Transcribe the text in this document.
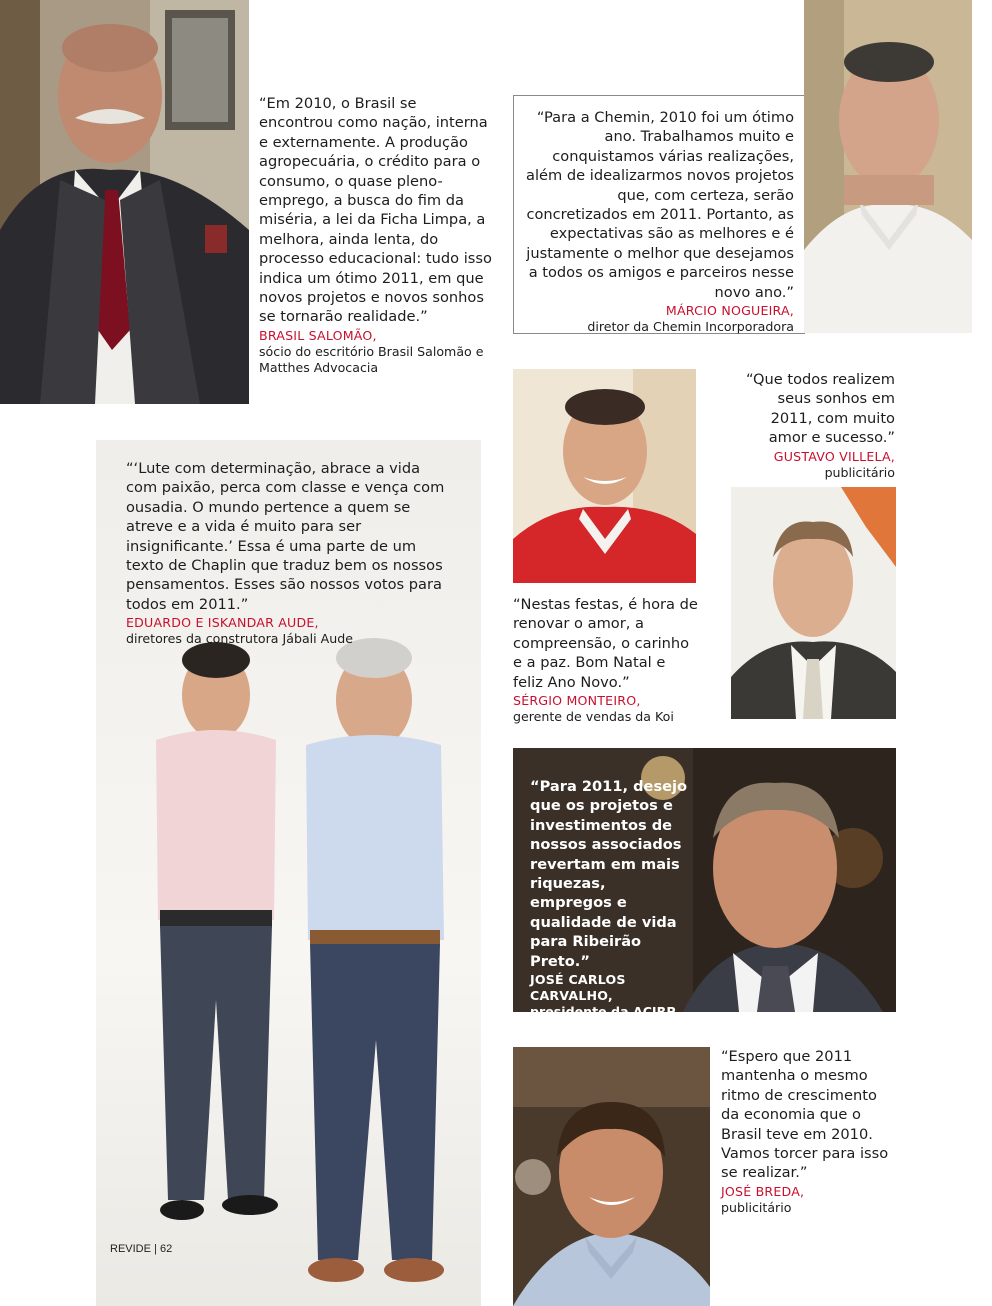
“Em 2010, o Brasil se encontrou como nação, interna e externamente. A produção agropecuária, o crédito para o consumo, o quase pleno-emprego, a busca do fim da miséria, a lei da Ficha Limpa, a melhora, ainda lenta, do processo educacional: tudo isso indica um ótimo 2011, em que novos projetos e novos sonhos se tornarão realidade.”

BRASIL SALOMÃO,
sócio do escritório Brasil Salomão e Matthes Advocacia

“Para a Chemin, 2010 foi um ótimo ano. Trabalhamos muito e conquistamos várias realizações, além de idealizarmos novos projetos que, com certeza, serão concretizados em 2011. Portanto, as expectativas são as melhores e é justamente o melhor que desejamos a todos os amigos e parceiros nesse novo ano.”

MÁRCIO NOGUEIRA,
diretor da Chemin Incorporadora

“Que todos realizem seus sonhos em 2011, com muito amor e sucesso.”

GUSTAVO VILLELA,
publicitário

“Nestas festas, é hora de renovar o amor, a compreensão, o carinho e a paz. Bom Natal e feliz Ano Novo.”

SÉRGIO MONTEIRO,
gerente de vendas da Koi

“‘Lute com determinação, abrace a vida com paixão, perca com classe e vença com ousadia. O mundo pertence a quem se atreve e a vida é muito para ser insignificante.’ Essa é uma parte de um texto de Chaplin que traduz bem os nossos pensamentos. Esses são nossos votos para todos em 2011.”

EDUARDO E ISKANDAR AUDE,
diretores da construtora Jábali Aude

“Para 2011, desejo que os projetos e investimentos de nossos associados revertam em mais riquezas, empregos e qualidade de vida para Ribeirão Preto.”

JOSÉ CARLOS
CARVALHO,
presidente da ACIRP

“Espero que 2011 mantenha o mesmo ritmo de crescimento da economia que o Brasil teve em 2010. Vamos torcer para isso se realizar.”

JOSÉ BREDA,
publicitário
REVIDE | 62
